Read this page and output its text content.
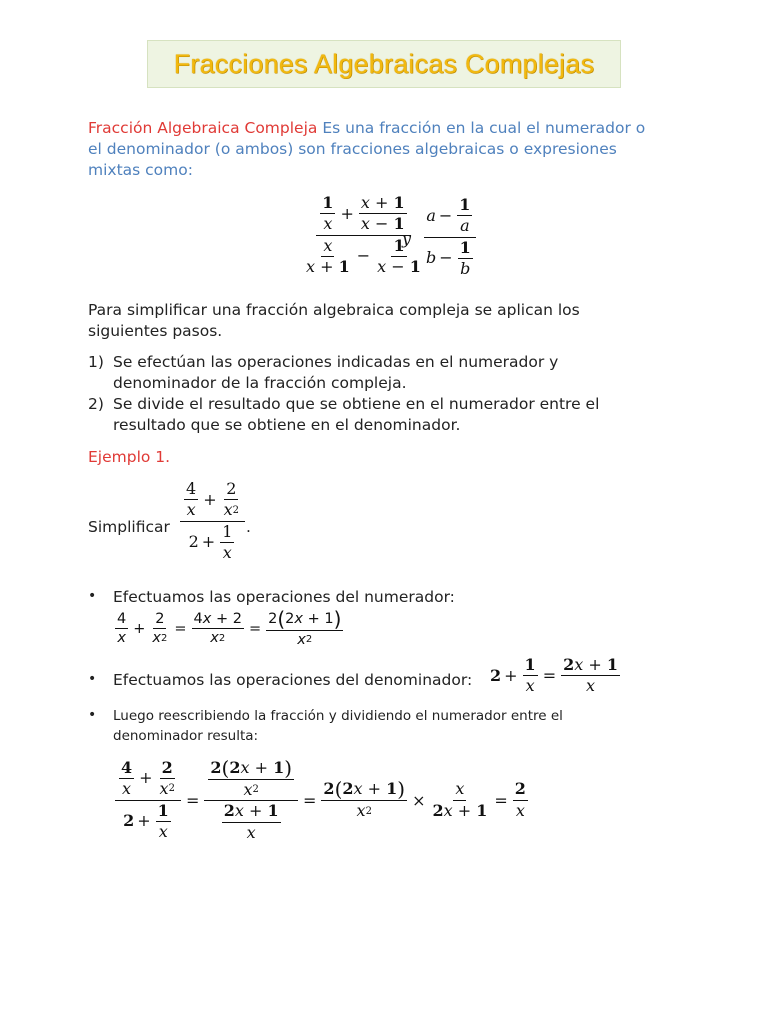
Fracciones Algebraicas Complejas
Fracción Algebraica Compleja Es una fracción en la cual el numerador o
el denominador (o ambos) son fracciones algebraicas o expresiones
mixtas como:
$\frac{\frac{1}{x} + \frac{x + 1}{x - 1}}{\frac{x}{x + 1} - \frac{1}{x - 1}}$
y $\frac{a - \frac{1}{a}}{b - \frac{1}{b}}$
Para simplificar una fracción algebraica compleja se aplican los
siguientes pasos.
1) Se efectúan las operaciones indicadas en el numerador y
denominador de la fracción compleja.
2) Se divide el resultado que se obtiene en el numerador entre el
resultado que se obtiene en el denominador.
Ejemplo 1.
Simplificar $\frac{\frac{4}{x} + \frac{2}{x 2}}{2 + \frac{1}{x}}$ .
• Efectuamos las operaciones del numerador:
$\frac{4}{x} + \frac{2}{x 2} = \frac{4 x + 2}{x 2} = \frac{2 ( 2 x + 1 )}{x 2}$
• Efectuamos las operaciones del denominador: $2 + \frac{1}{x} = \frac{2 x + 1}{x}$
• Luego reescribiendo la fracción y dividiendo el numerador entre el
denominador resulta:
$\frac{\frac{4}{x} + \frac{2}{x 2}}{2 + \frac{1}{x}} = \frac{\frac{2 ( 2 x + 1 )}{x 2}}{\frac{2 x + 1}{x}} = \frac{2 ( 2 x + 1 )}{x 2} \times \frac{x}{2 x + 1} = \frac{2}{x}$
